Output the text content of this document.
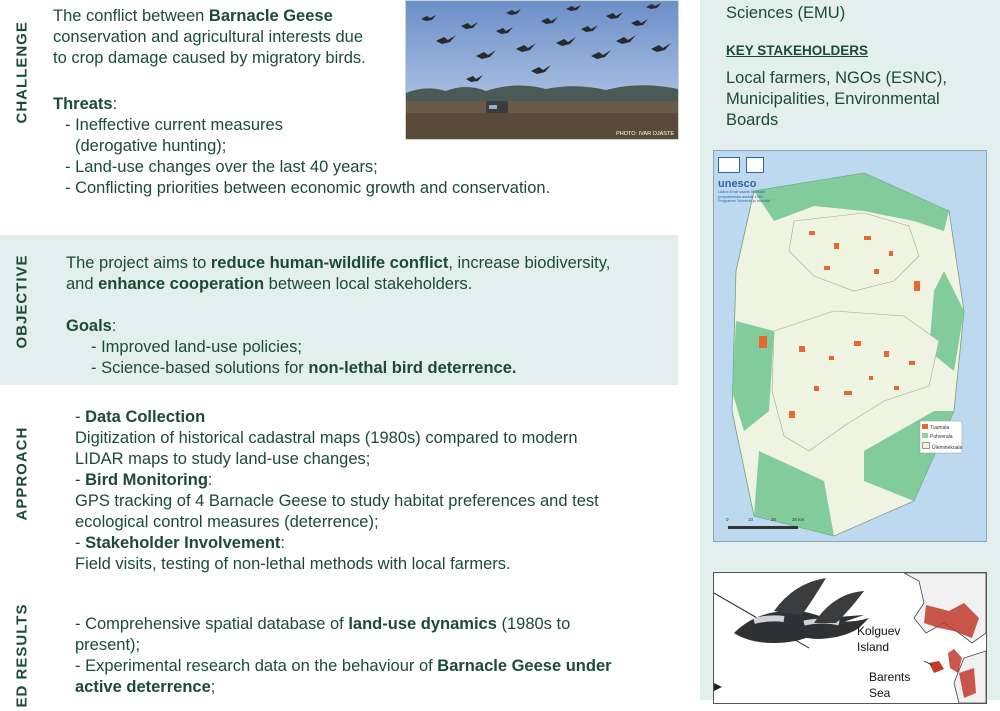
CHALLENGE
The conflict between Barnacle Geese
conservation and agricultural interests due
to crop damage caused by migratory birds.
Threats:
- Ineffective current measures
(derogative hunting);
- Land-use changes over the last 40 years;
- Conflicting priorities between economic growth and conservation.
PHOTO: IVAR OJASTE
OBJECTIVE The project aims to reduce human-wildlife conflict, increase biodiversity,
and enhance cooperation between local stakeholders.

Goals:
- Improved land-use policies;
- Science-based solutions for non-lethal bird deterrence.
APPROACH
- Data Collection
Digitization of historical cadastral maps (1980s) compared to modern
LIDAR maps to study land-use changes;
- Bird Monitoring:
GPS tracking of 4 Barnacle Geese to study habitat preferences and test
ecological control measures (deterrence);
- Stakeholder Involvement:
Field visits, testing of non-lethal methods with local farmers.
ED RESULTS	- Comprehensive spatial database of land-use dynamics (1980s to
present);
- Experimental research data on the behaviour of Barnacle Geese under
active deterrence;
Sciences (EMU)
KEY STAKEHOLDERS
Local farmers, NGOs (ESNC),
Municipalities, Environmental
Boards

unesco
Lääne-Eesti saarte biosfääri
programmiala asutati 1990
Programm "Inimene ja biosfäär"
Tuumala
Puhverala
Üleminekuala
0	10	20	30 km
Kolguev
Island
Barents
Sea
